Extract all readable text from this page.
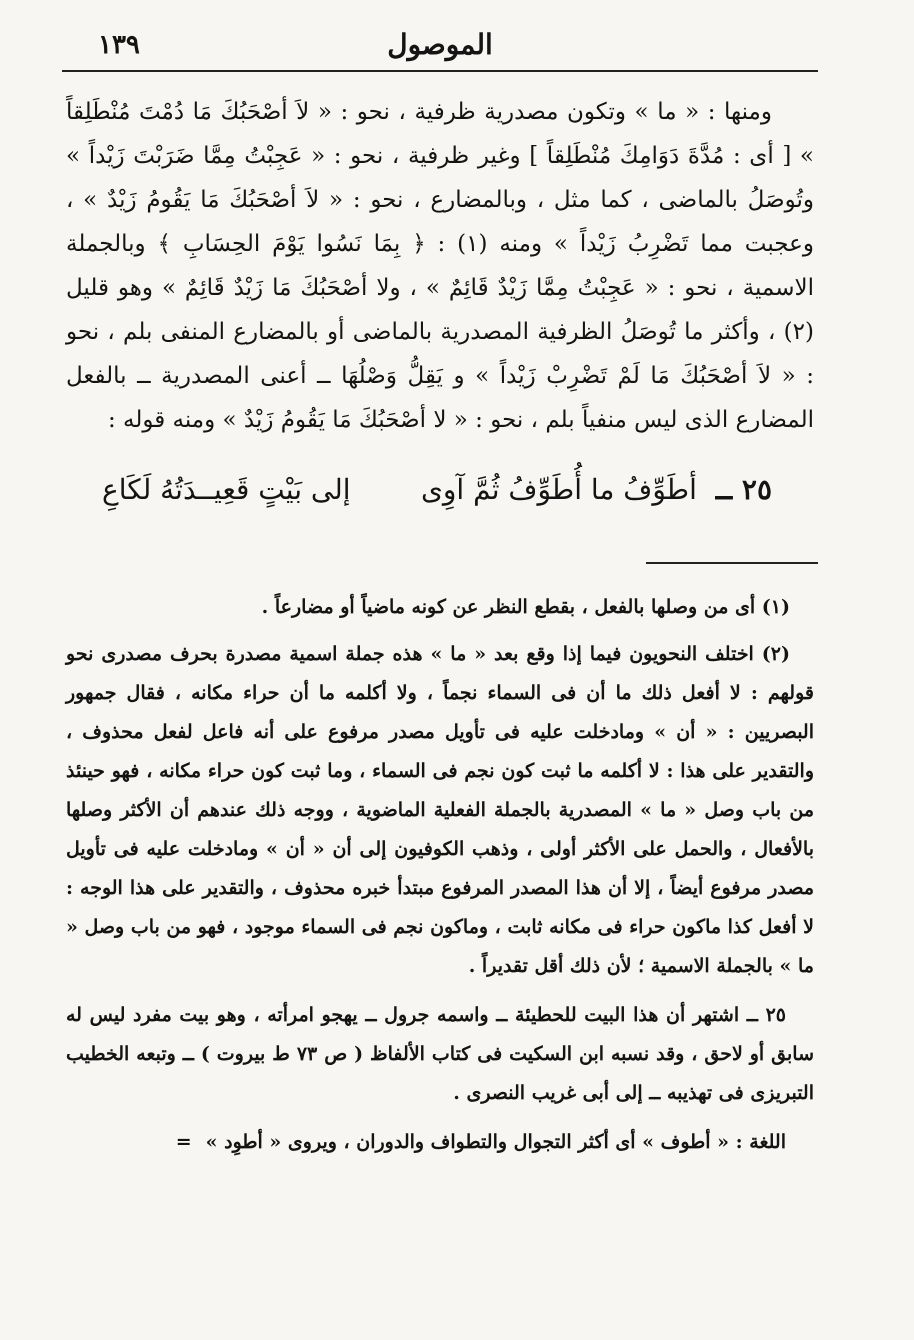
الموصول
١٣٩

ومنها : « ما » وتكون مصدرية ظرفية ، نحو : « لاَ أصْحَبُكَ مَا دُمْتَ مُنْطَلِقاً » [ أى : مُدَّةَ دَوَامِكَ مُنْطَلِقاً ] وغير ظرفية ، نحو : « عَجِبْتُ مِمَّا ضَرَبْتَ زَيْداً » وتُوصَلُ بالماضى ، كما مثل ، وبالمضارع ، نحو : « لاَ أصْحَبُكَ مَا يَقُومُ زَيْدٌ » ، وعجبت مما تَضْرِبُ زَيْداً » ومنه (١) : ﴿ بِمَا نَسُوا يَوْمَ الحِسَابِ ﴾ وبالجملة الاسمية ، نحو : « عَجِبْتُ مِمَّا زَيْدٌ قَائِمٌ » ، ولا أصْحَبُكَ مَا زَيْدٌ قَائِمٌ » وهو قليل (٢) ، وأكثر ما تُوصَلُ الظرفية المصدرية بالماضى أو بالمضارع المنفى بلم ، نحو : « لاَ أصْحَبُكَ مَا لَمْ تَضْرِبْ زَيْداً » و يَقِلُّ وَصْلُهَا ــ أعنى المصدرية ــ بالفعل المضارع الذى ليس منفياً بلم ، نحو : « لا أصْحَبُكَ مَا يَقُومُ زَيْدٌ » ومنه قوله :

٢٥ ــ أطَوِّفُ ما أُطَوِّفُ ثُمَّ آوِى
إلى بَيْتٍ قَعِيــدَتُهُ لَكَاعِ

(١) أى من وصلها بالفعل ، بقطع النظر عن كونه ماضياً أو مضارعاً .

(٢) اختلف النحويون فيما إذا وقع بعد « ما » هذه جملة اسمية مصدرة بحرف مصدرى نحو قولهم : لا أفعل ذلك ما أن فى السماء نجماً ، ولا أكلمه ما أن حراء مكانه ، فقال جمهور البصريين : « أن » ومادخلت عليه فى تأويل مصدر مرفوع على أنه فاعل لفعل محذوف ، والتقدير على هذا : لا أكلمه ما ثبت كون نجم فى السماء ، وما ثبت كون حراء مكانه ، فهو حينئذ من باب وصل « ما » المصدرية بالجملة الفعلية الماضوية ، ووجه ذلك عندهم أن الأكثر وصلها بالأفعال ، والحمل على الأكثر أولى ، وذهب الكوفيون إلى أن « أن » ومادخلت عليه فى تأويل مصدر مرفوع أيضاً ، إلا أن هذا المصدر المرفوع مبتدأ خبره محذوف ، والتقدير على هذا الوجه : لا أفعل كذا ماكون حراء فى مكانه ثابت ، وماكون نجم فى السماء موجود ، فهو من باب وصل « ما » بالجملة الاسمية ؛ لأن ذلك أقل تقديراً .

٢٥ ــ اشتهر أن هذا البيت للحطيئة ــ واسمه جرول ــ يهجو امرأته ، وهو بيت مفرد ليس له سابق أو لاحق ، وقد نسبه ابن السكيت فى كتاب الألفاظ ( ص ٧٣ ط بيروت ) ــ وتبعه الخطيب التبريزى فى تهذيبه ــ إلى أبى غريب النصرى .

اللغة : « أطوف » أى أكثر التجوال والتطواف والدوران ، ويروى « أطوِد »=
